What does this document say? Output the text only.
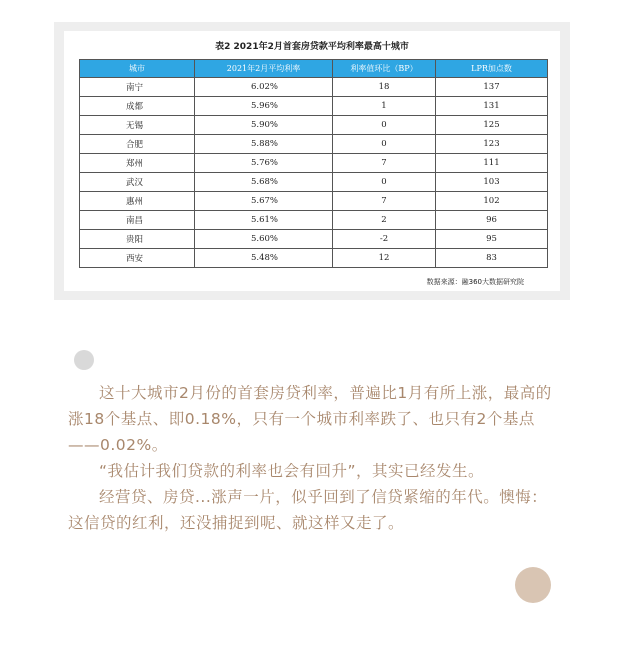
表2 2021年2月首套房贷款平均利率最高十城市
城市	2021年2月平均利率	利率值环比（BP）	LPR加点数
南宁	6.02%	18	137
成都	5.96%	1	131
无锡	5.90%	0	125
合肥	5.88%	0	123
郑州	5.76%	7	111
武汉	5.68%	0	103
惠州	5.67%	7	102
南昌	5.61%	2	96
贵阳	5.60%	-2	95
西安	5.48%	12	83
数据来源：融360大数据研究院

这十大城市2月份的首套房贷利率，普遍比1月有所上涨，最高的涨18个基点、即0.18%，只有一个城市利率跌了、也只有2个基点——0.02%。

“我估计我们贷款的利率也会有回升”，其实已经发生。

经营贷、房贷...涨声一片，似乎回到了信贷紧缩的年代。懊悔：这信贷的红利，还没捕捉到呢、就这样又走了。
